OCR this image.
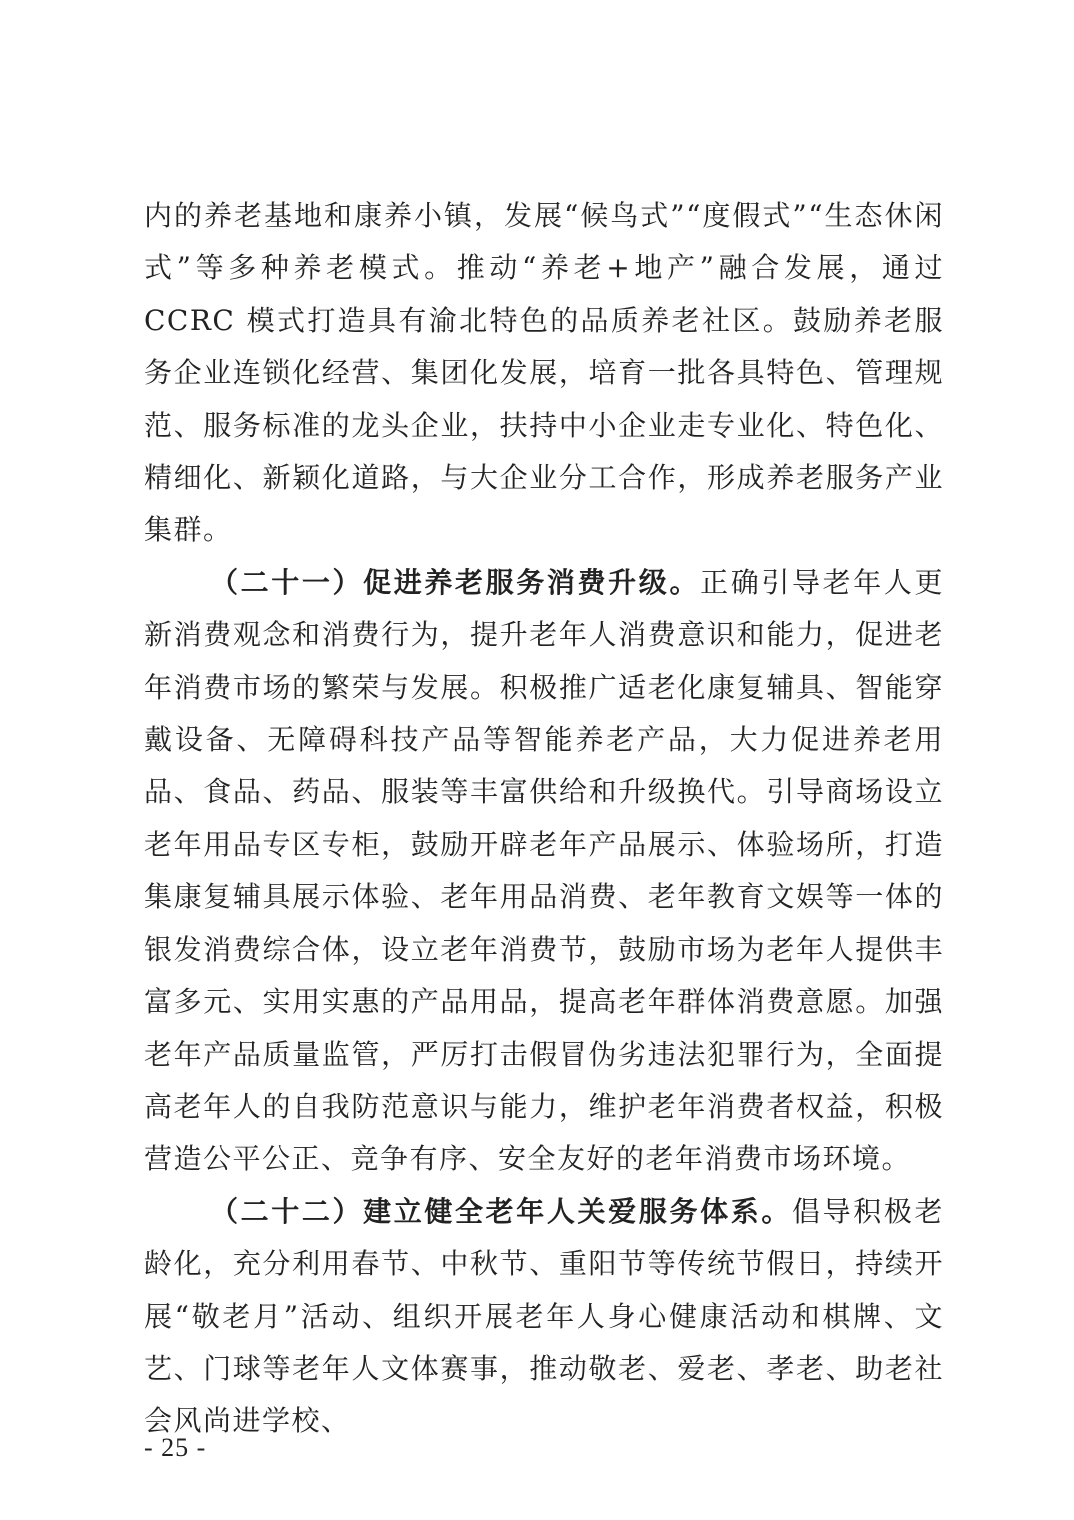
内的养老基地和康养小镇，发展“候鸟式”“度假式”“生态休闲式”等多种养老模式。推动“养老+地产”融合发展，通过 CCRC 模式打造具有渝北特色的品质养老社区。鼓励养老服务企业连锁化经营、集团化发展，培育一批各具特色、管理规范、服务标准的龙头企业，扶持中小企业走专业化、特色化、精细化、新颖化道路，与大企业分工合作，形成养老服务产业集群。

（二十一）促进养老服务消费升级。正确引导老年人更新消费观念和消费行为，提升老年人消费意识和能力，促进老年消费市场的繁荣与发展。积极推广适老化康复辅具、智能穿戴设备、无障碍科技产品等智能养老产品，大力促进养老用品、食品、药品、服装等丰富供给和升级换代。引导商场设立老年用品专区专柜，鼓励开辟老年产品展示、体验场所，打造集康复辅具展示体验、老年用品消费、老年教育文娱等一体的银发消费综合体，设立老年消费节，鼓励市场为老年人提供丰富多元、实用实惠的产品用品，提高老年群体消费意愿。加强老年产品质量监管，严厉打击假冒伪劣违法犯罪行为，全面提高老年人的自我防范意识与能力，维护老年消费者权益，积极营造公平公正、竞争有序、安全友好的老年消费市场环境。

（二十二）建立健全老年人关爱服务体系。倡导积极老龄化，充分利用春节、中秋节、重阳节等传统节假日，持续开展“敬老月”活动、组织开展老年人身心健康活动和棋牌、文艺、门球等老年人文体赛事，推动敬老、爱老、孝老、助老社会风尚进学校、

- 25 -
